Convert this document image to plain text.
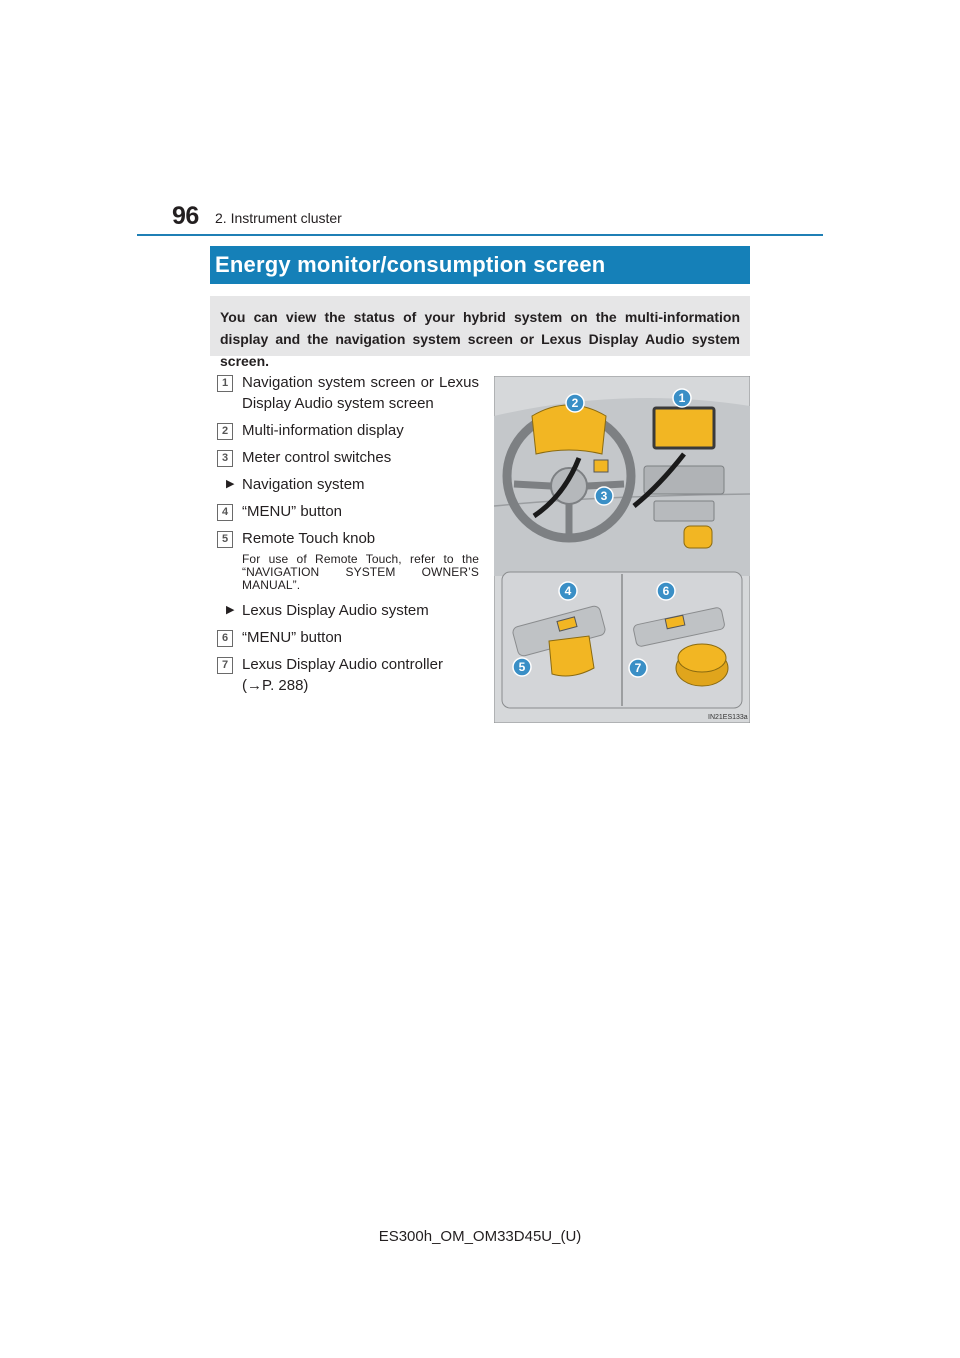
96 2. Instrument cluster
Energy monitor/consumption screen
You can view the status of your hybrid system on the multi-information display and the navigation system screen or Lexus Display Audio system screen.
1 Navigation system screen or Lexus Display Audio system screen
2 Multi-information display
3 Meter control switches
▶ Navigation system
4 “MENU” button
5 Remote Touch knob
For use of Remote Touch, refer to the “NAVIGATION SYSTEM OWNER’S MANUAL”.
▶ Lexus Display Audio system
6 “MENU” button
7 Lexus Display Audio controller
(→P. 288)
1
2
3
4
5
6
7
IN21ES133a
ES300h_OM_OM33D45U_(U)
